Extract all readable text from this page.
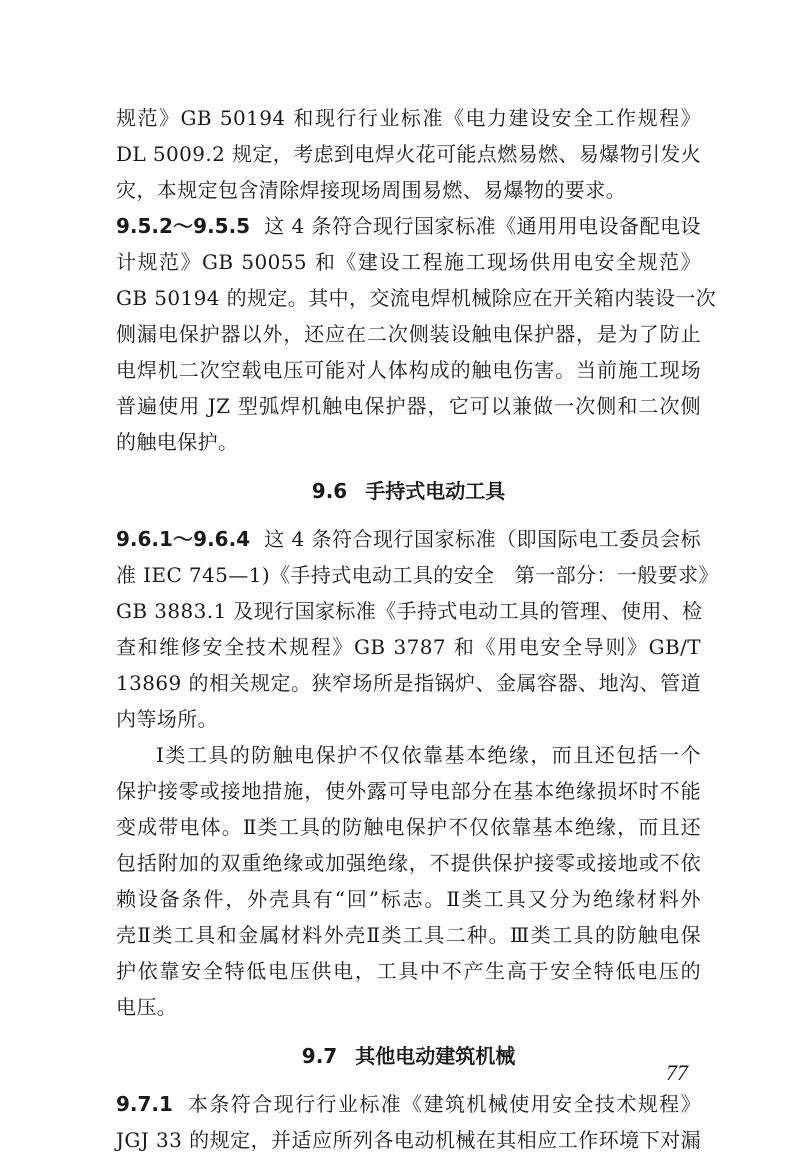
规范》GB 50194 和现行行业标准《电力建设安全工作规程》
DL 5009.2 规定，考虑到电焊火花可能点燃易燃、易爆物引发火
灾，本规定包含清除焊接现场周围易燃、易爆物的要求。
9.5.2～9.5.5 这 4 条符合现行国家标准《通用用电设备配电设
计规范》GB 50055 和《建设工程施工现场供用电安全规范》
GB 50194 的规定。其中，交流电焊机械除应在开关箱内装设一次
侧漏电保护器以外，还应在二次侧装设触电保护器，是为了防止
电焊机二次空载电压可能对人体构成的触电伤害。当前施工现场
普遍使用 JZ 型弧焊机触电保护器，它可以兼做一次侧和二次侧
的触电保护。
9.6 手持式电动工具
9.6.1～9.6.4 这 4 条符合现行国家标准（即国际电工委员会标
准 IEC 745—1)《手持式电动工具的安全　第一部分：一般要求》
GB 3883.1 及现行国家标准《手持式电动工具的管理、使用、检
查和维修安全技术规程》GB 3787 和《用电安全导则》GB/T
13869 的相关规定。狭窄场所是指锅炉、金属容器、地沟、管道
内等场所。
Ⅰ类工具的防触电保护不仅依靠基本绝缘，而且还包括一个
保护接零或接地措施，使外露可导电部分在基本绝缘损坏时不能
变成带电体。Ⅱ类工具的防触电保护不仅依靠基本绝缘，而且还
包括附加的双重绝缘或加强绝缘，不提供保护接零或接地或不依
赖设备条件，外壳具有“回”标志。Ⅱ类工具又分为绝缘材料外
壳Ⅱ类工具和金属材料外壳Ⅱ类工具二种。Ⅲ类工具的防触电保
护依靠安全特低电压供电，工具中不产生高于安全特低电压的
电压。
9.7 其他电动建筑机械
9.7.1 本条符合现行行业标准《建筑机械使用安全技术规程》
JGJ 33 的规定，并适应所列各电动机械在其相应工作环境下对漏
77
